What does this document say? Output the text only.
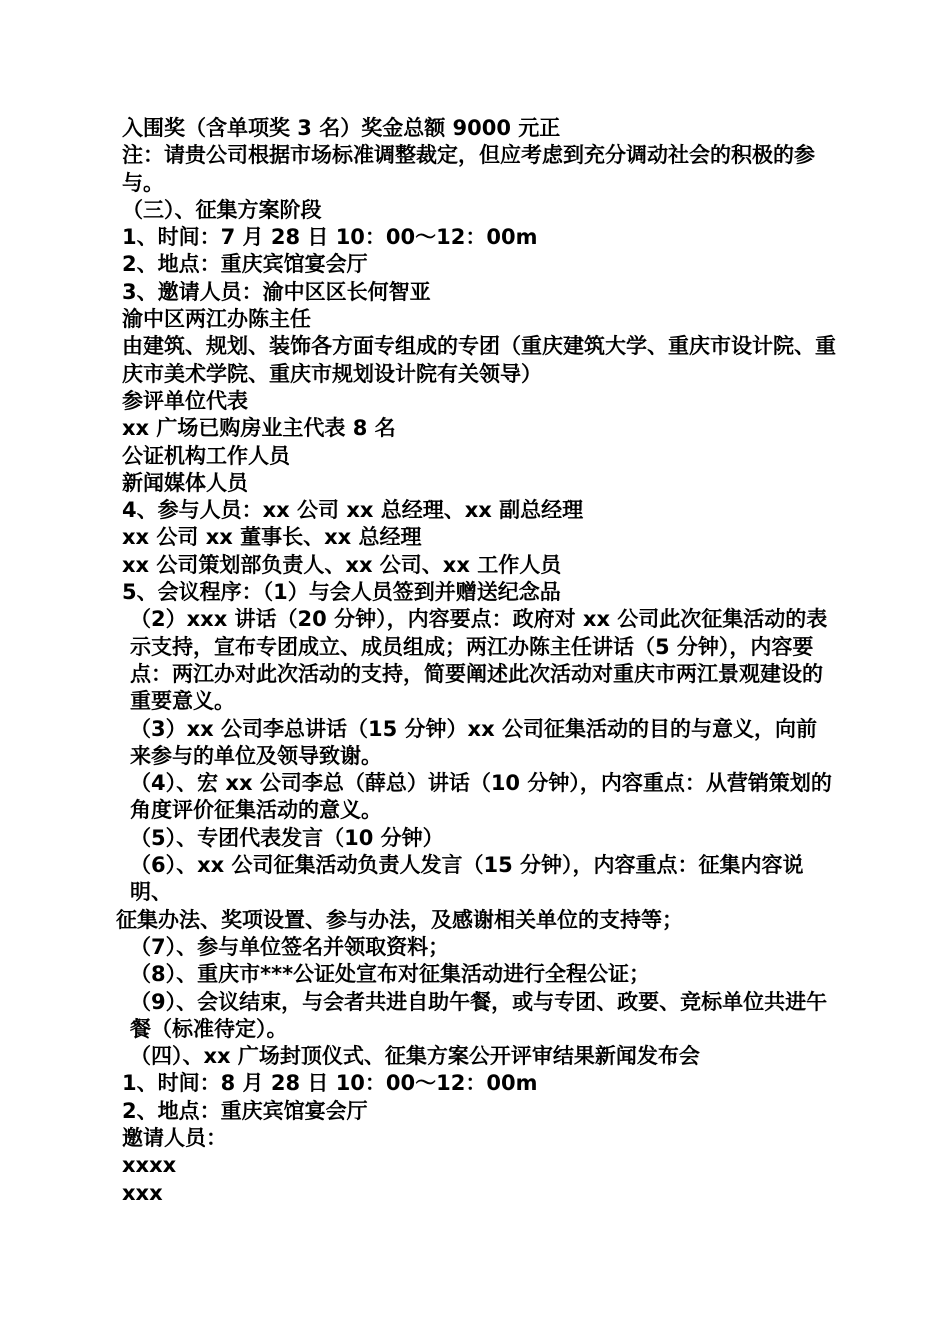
入围奖（含单项奖 3 名）奖金总额 9000 元正
注：请贵公司根据市场标准调整裁定，但应考虑到充分调动社会的积极的参与。
（三）、征集方案阶段
1、时间：7 月 28 日 10：00～12：00m
2、地点：重庆宾馆宴会厅
3、邀请人员：渝中区区长何智亚
渝中区两江办陈主任
由建筑、规划、装饰各方面专组成的专团（重庆建筑大学、重庆市设计院、重庆市美术学院、重庆市规划设计院有关领导）
参评单位代表
xx 广场已购房业主代表 8 名
公证机构工作人员
新闻媒体人员
4、参与人员：xx 公司 xx 总经理、xx 副总经理
xx 公司 xx 董事长、xx 总经理
xx 公司策划部负责人、xx 公司、xx 工作人员
5、会议程序：（1）与会人员签到并赠送纪念品
（2）xxx 讲话（20 分钟），内容要点：政府对 xx 公司此次征集活动的表示支持，宣布专团成立、成员组成；两江办陈主任讲话（5 分钟），内容要点：两江办对此次活动的支持，简要阐述此次活动对重庆市两江景观建设的重要意义。
（3）xx 公司李总讲话（15 分钟）xx 公司征集活动的目的与意义，向前来参与的单位及领导致谢。
（4）、宏 xx 公司李总（薛总）讲话（10 分钟），内容重点：从营销策划的角度评价征集活动的意义。
（5）、专团代表发言（10 分钟）
（6）、xx 公司征集活动负责人发言（15 分钟），内容重点：征集内容说明、
征集办法、奖项设置、参与办法，及感谢相关单位的支持等；
（7）、参与单位签名并领取资料；
（8）、重庆市***公证处宣布对征集活动进行全程公证；
（9）、会议结束，与会者共进自助午餐，或与专团、政要、竞标单位共进午餐（标准待定）。
（四）、xx 广场封顶仪式、征集方案公开评审结果新闻发布会
1、时间：8 月 28 日 10：00～12：00m
2、地点：重庆宾馆宴会厅
邀请人员：
xxxx
xxx
